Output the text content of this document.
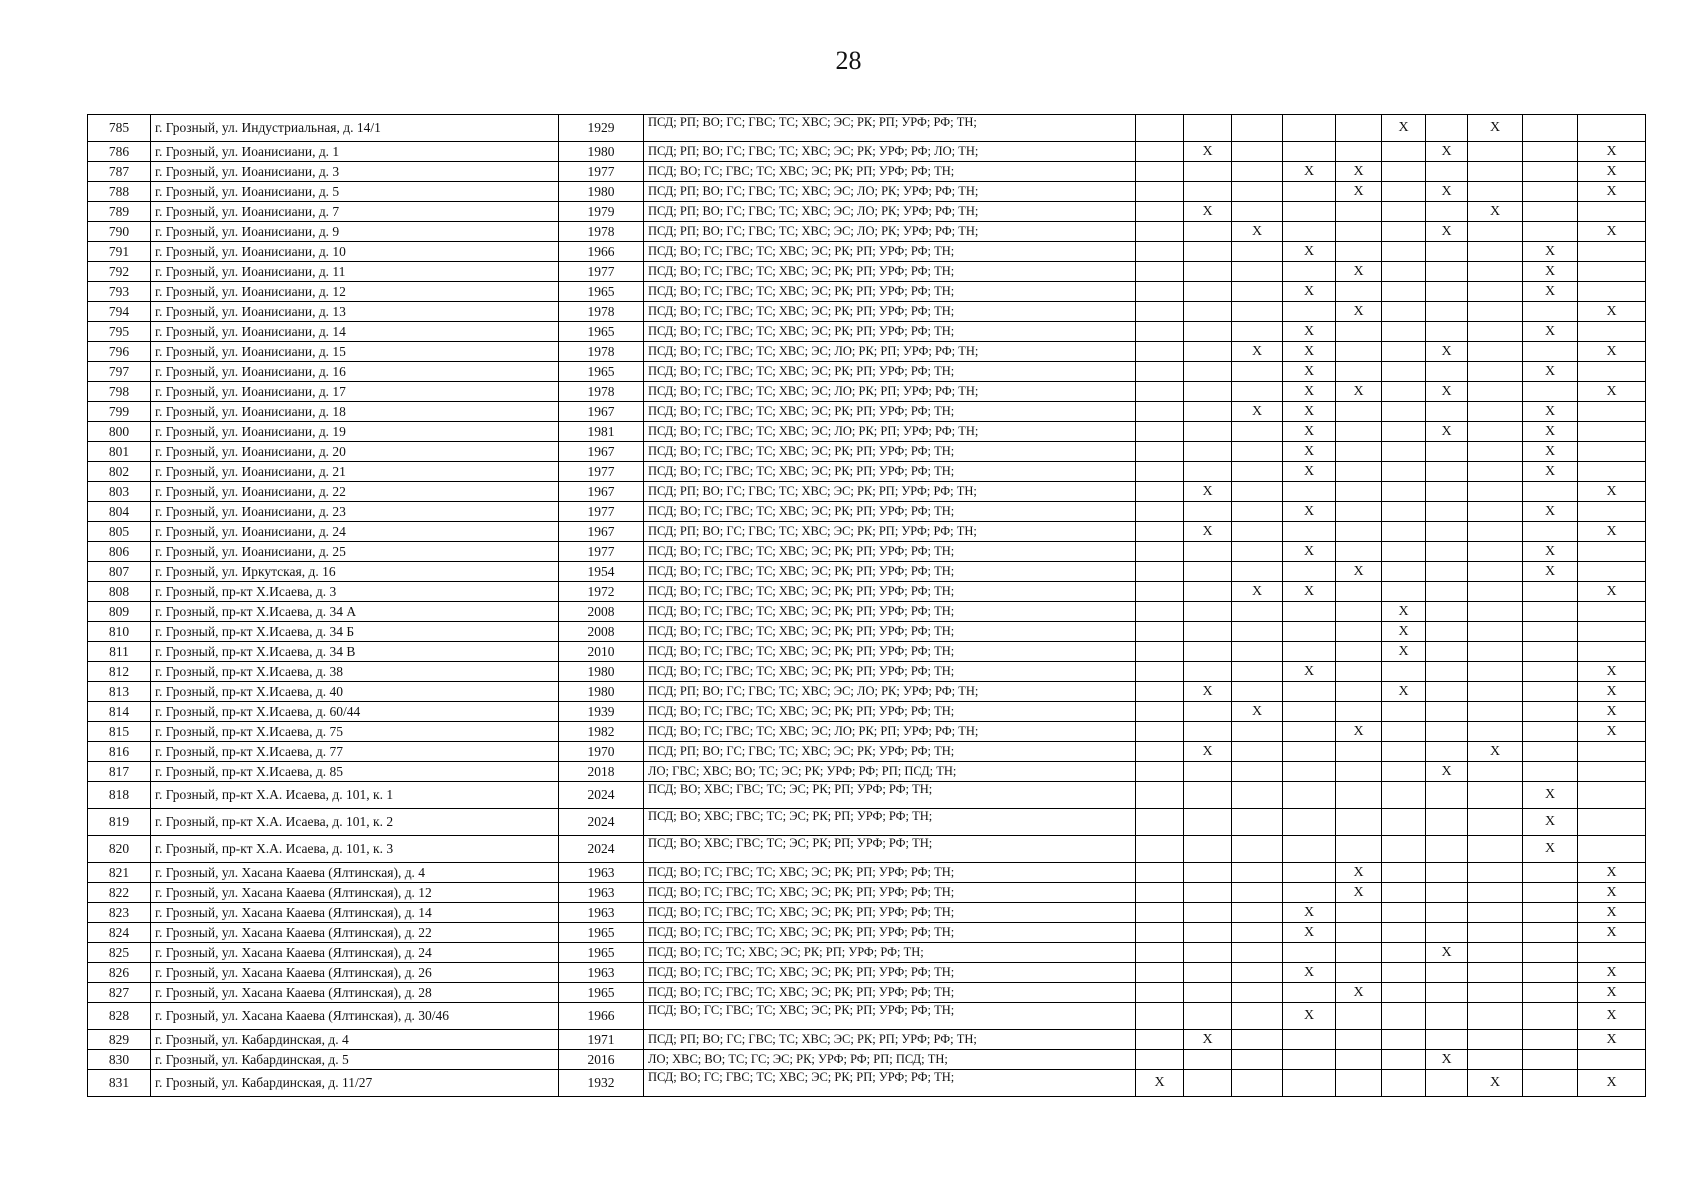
28
785	г. Грозный, ул. Индустриальная, д. 14/1	1929	ПСД; РП; ВО; ГС; ГВС; ТС; ХВС; ЭС; РК; РП; УРФ; РФ; ТН;						X		X		
786	г. Грозный, ул. Иоанисиани, д. 1	1980	ПСД; РП; ВО; ГС; ГВС; ТС; ХВС; ЭС; РК; УРФ; РФ; ЛО; ТН;		X					X			X
787	г. Грозный, ул. Иоанисиани, д. 3	1977	ПСД; ВО; ГС; ГВС; ТС; ХВС; ЭС; РК; РП; УРФ; РФ; ТН;				X	X					X
788	г. Грозный, ул. Иоанисиани, д. 5	1980	ПСД; РП; ВО; ГС; ГВС; ТС; ХВС; ЭС; ЛО; РК; УРФ; РФ; ТН;					X		X			X
789	г. Грозный, ул. Иоанисиани, д. 7	1979	ПСД; РП; ВО; ГС; ГВС; ТС; ХВС; ЭС; ЛО; РК; УРФ; РФ; ТН;		X						X		
790	г. Грозный, ул. Иоанисиани, д. 9	1978	ПСД; РП; ВО; ГС; ГВС; ТС; ХВС; ЭС; ЛО; РК; УРФ; РФ; ТН;			X				X			X
791	г. Грозный, ул. Иоанисиани, д. 10	1966	ПСД; ВО; ГС; ГВС; ТС; ХВС; ЭС; РК; РП; УРФ; РФ; ТН;				X					X	
792	г. Грозный, ул. Иоанисиани, д. 11	1977	ПСД; ВО; ГС; ГВС; ТС; ХВС; ЭС; РК; РП; УРФ; РФ; ТН;					X				X	
793	г. Грозный, ул. Иоанисиани, д. 12	1965	ПСД; ВО; ГС; ГВС; ТС; ХВС; ЭС; РК; РП; УРФ; РФ; ТН;				X					X	
794	г. Грозный, ул. Иоанисиани, д. 13	1978	ПСД; ВО; ГС; ГВС; ТС; ХВС; ЭС; РК; РП; УРФ; РФ; ТН;					X					X
795	г. Грозный, ул. Иоанисиани, д. 14	1965	ПСД; ВО; ГС; ГВС; ТС; ХВС; ЭС; РК; РП; УРФ; РФ; ТН;				X					X	
796	г. Грозный, ул. Иоанисиани, д. 15	1978	ПСД; ВО; ГС; ГВС; ТС; ХВС; ЭС; ЛО; РК; РП; УРФ; РФ; ТН;			X	X			X			X
797	г. Грозный, ул. Иоанисиани, д. 16	1965	ПСД; ВО; ГС; ГВС; ТС; ХВС; ЭС; РК; РП; УРФ; РФ; ТН;				X					X	
798	г. Грозный, ул. Иоанисиани, д. 17	1978	ПСД; ВО; ГС; ГВС; ТС; ХВС; ЭС; ЛО; РК; РП; УРФ; РФ; ТН;				X	X		X			X
799	г. Грозный, ул. Иоанисиани, д. 18	1967	ПСД; ВО; ГС; ГВС; ТС; ХВС; ЭС; РК; РП; УРФ; РФ; ТН;			X	X					X	
800	г. Грозный, ул. Иоанисиани, д. 19	1981	ПСД; ВО; ГС; ГВС; ТС; ХВС; ЭС; ЛО; РК; РП; УРФ; РФ; ТН;				X			X		X	
801	г. Грозный, ул. Иоанисиани, д. 20	1967	ПСД; ВО; ГС; ГВС; ТС; ХВС; ЭС; РК; РП; УРФ; РФ; ТН;				X					X	
802	г. Грозный, ул. Иоанисиани, д. 21	1977	ПСД; ВО; ГС; ГВС; ТС; ХВС; ЭС; РК; РП; УРФ; РФ; ТН;				X					X	
803	г. Грозный, ул. Иоанисиани, д. 22	1967	ПСД; РП; ВО; ГС; ГВС; ТС; ХВС; ЭС; РК; РП; УРФ; РФ; ТН;		X								X
804	г. Грозный, ул. Иоанисиани, д. 23	1977	ПСД; ВО; ГС; ГВС; ТС; ХВС; ЭС; РК; РП; УРФ; РФ; ТН;				X					X	
805	г. Грозный, ул. Иоанисиани, д. 24	1967	ПСД; РП; ВО; ГС; ГВС; ТС; ХВС; ЭС; РК; РП; УРФ; РФ; ТН;		X								X
806	г. Грозный, ул. Иоанисиани, д. 25	1977	ПСД; ВО; ГС; ГВС; ТС; ХВС; ЭС; РК; РП; УРФ; РФ; ТН;				X					X	
807	г. Грозный, ул. Иркутская, д. 16	1954	ПСД; ВО; ГС; ГВС; ТС; ХВС; ЭС; РК; РП; УРФ; РФ; ТН;					X				X	
808	г. Грозный, пр-кт Х.Исаева, д. 3	1972	ПСД; ВО; ГС; ГВС; ТС; ХВС; ЭС; РК; РП; УРФ; РФ; ТН;			X	X						X
809	г. Грозный, пр-кт Х.Исаева, д. 34 А	2008	ПСД; ВО; ГС; ГВС; ТС; ХВС; ЭС; РК; РП; УРФ; РФ; ТН;						X				
810	г. Грозный, пр-кт Х.Исаева, д. 34 Б	2008	ПСД; ВО; ГС; ГВС; ТС; ХВС; ЭС; РК; РП; УРФ; РФ; ТН;						X				
811	г. Грозный, пр-кт Х.Исаева, д. 34 В	2010	ПСД; ВО; ГС; ГВС; ТС; ХВС; ЭС; РК; РП; УРФ; РФ; ТН;						X				
812	г. Грозный, пр-кт Х.Исаева, д. 38	1980	ПСД; ВО; ГС; ГВС; ТС; ХВС; ЭС; РК; РП; УРФ; РФ; ТН;				X						X
813	г. Грозный, пр-кт Х.Исаева, д. 40	1980	ПСД; РП; ВО; ГС; ГВС; ТС; ХВС; ЭС; ЛО; РК; УРФ; РФ; ТН;		X				X				X
814	г. Грозный, пр-кт Х.Исаева, д. 60/44	1939	ПСД; ВО; ГС; ГВС; ТС; ХВС; ЭС; РК; РП; УРФ; РФ; ТН;			X							X
815	г. Грозный, пр-кт Х.Исаева, д. 75	1982	ПСД; ВО; ГС; ГВС; ТС; ХВС; ЭС; ЛО; РК; РП; УРФ; РФ; ТН;					X					X
816	г. Грозный, пр-кт Х.Исаева, д. 77	1970	ПСД; РП; ВО; ГС; ГВС; ТС; ХВС; ЭС; РК; УРФ; РФ; ТН;		X						X		
817	г. Грозный, пр-кт Х.Исаева, д. 85	2018	ЛО; ГВС; ХВС; ВО; ТС; ЭС; РК; УРФ; РФ; РП; ПСД; ТН;							X			
818	г. Грозный, пр-кт Х.А. Исаева, д. 101, к. 1	2024	ПСД; ВО; ХВС; ГВС; ТС; ЭС; РК; РП; УРФ; РФ; ТН;									X	
819	г. Грозный, пр-кт Х.А. Исаева, д. 101, к. 2	2024	ПСД; ВО; ХВС; ГВС; ТС; ЭС; РК; РП; УРФ; РФ; ТН;									X	
820	г. Грозный, пр-кт Х.А. Исаева, д. 101, к. 3	2024	ПСД; ВО; ХВС; ГВС; ТС; ЭС; РК; РП; УРФ; РФ; ТН;									X	
821	г. Грозный, ул. Хасана Кааева (Ялтинская), д. 4	1963	ПСД; ВО; ГС; ГВС; ТС; ХВС; ЭС; РК; РП; УРФ; РФ; ТН;					X					X
822	г. Грозный, ул. Хасана Кааева (Ялтинская), д. 12	1963	ПСД; ВО; ГС; ГВС; ТС; ХВС; ЭС; РК; РП; УРФ; РФ; ТН;					X					X
823	г. Грозный, ул. Хасана Кааева (Ялтинская), д. 14	1963	ПСД; ВО; ГС; ГВС; ТС; ХВС; ЭС; РК; РП; УРФ; РФ; ТН;				X						X
824	г. Грозный, ул. Хасана Кааева (Ялтинская), д. 22	1965	ПСД; ВО; ГС; ГВС; ТС; ХВС; ЭС; РК; РП; УРФ; РФ; ТН;				X						X
825	г. Грозный, ул. Хасана Кааева (Ялтинская), д. 24	1965	ПСД; ВО; ГС; ТС; ХВС; ЭС; РК; РП; УРФ; РФ; ТН;							X			
826	г. Грозный, ул. Хасана Кааева (Ялтинская), д. 26	1963	ПСД; ВО; ГС; ГВС; ТС; ХВС; ЭС; РК; РП; УРФ; РФ; ТН;				X						X
827	г. Грозный, ул. Хасана Кааева (Ялтинская), д. 28	1965	ПСД; ВО; ГС; ГВС; ТС; ХВС; ЭС; РК; РП; УРФ; РФ; ТН;					X					X
828	г. Грозный, ул. Хасана Кааева (Ялтинская), д. 30/46	1966	ПСД; ВО; ГС; ГВС; ТС; ХВС; ЭС; РК; РП; УРФ; РФ; ТН;				X						X
829	г. Грозный, ул. Кабардинская, д. 4	1971	ПСД; РП; ВО; ГС; ГВС; ТС; ХВС; ЭС; РК; РП; УРФ; РФ; ТН;		X								X
830	г. Грозный, ул. Кабардинская, д. 5	2016	ЛО; ХВС; ВО; ТС; ГС; ЭС; РК; УРФ; РФ; РП; ПСД; ТН;							X			
831	г. Грозный, ул. Кабардинская, д. 11/27	1932	ПСД; ВО; ГС; ГВС; ТС; ХВС; ЭС; РК; РП; УРФ; РФ; ТН;	X							X		X
